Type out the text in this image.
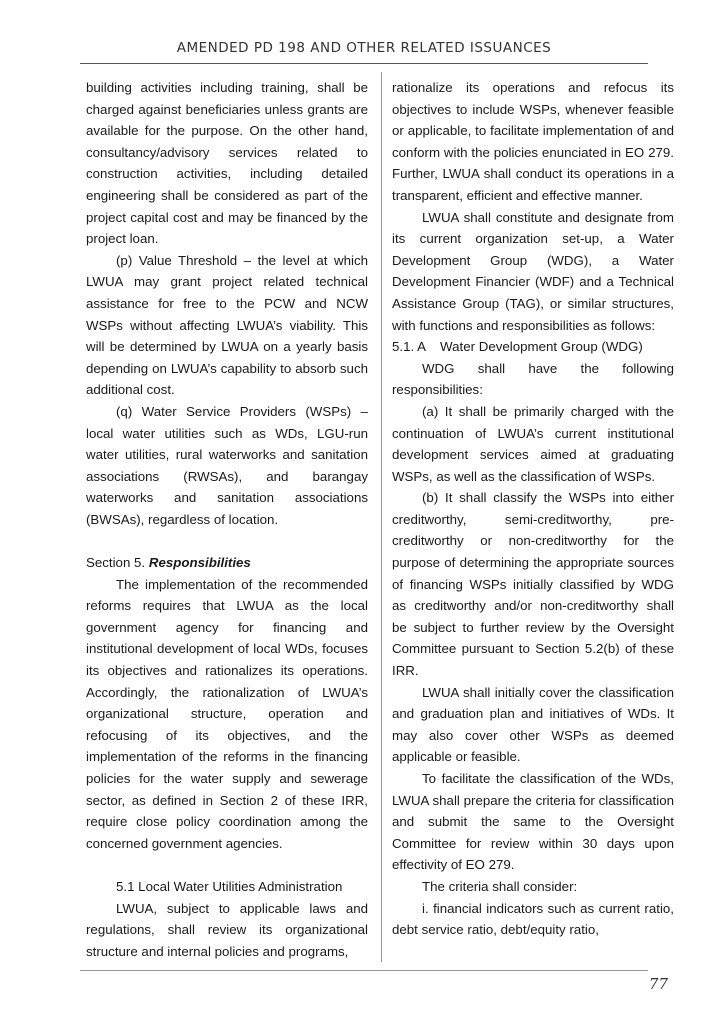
AMENDED PD 198 AND OTHER RELATED ISSUANCES

building activities including training, shall be charged against beneficiaries unless grants are available for the purpose. On the other hand, consultancy/advisory services related to construction activities, including detailed engineering shall be considered as part of the project capital cost and may be financed by the project loan.

(p) Value Threshold – the level at which LWUA may grant project related technical assistance for free to the PCW and NCW WSPs without affecting LWUA’s viability. This will be determined by LWUA on a yearly basis depending on LWUA’s capability to absorb such additional cost.

(q) Water Service Providers (WSPs) – local water utilities such as WDs, LGU-run water utilities, rural waterworks and sanitation associations (RWSAs), and barangay waterworks and sanitation associations (BWSAs), regardless of location.

Section 5. Responsibilities

The implementation of the recommended reforms requires that LWUA as the local government agency for financing and institutional development of local WDs, focuses its objectives and rationalizes its operations. Accordingly, the rationalization of LWUA’s organizational structure, operation and refocusing of its objectives, and the implementation of the reforms in the financing policies for the water supply and sewerage sector, as defined in Section 2 of these IRR, require close policy coordination among the concerned government agencies.

5.1 Local Water Utilities Administration

LWUA, subject to applicable laws and regulations, shall review its organizational structure and internal policies and programs,

rationalize its operations and refocus its objectives to include WSPs, whenever feasible or applicable, to facilitate implementation of and conform with the policies enunciated in EO 279. Further, LWUA shall conduct its operations in a transparent, efficient and effective manner.

LWUA shall constitute and designate from its current organization set-up, a Water Development Group (WDG), a Water Development Financier (WDF) and a Technical Assistance Group (TAG), or similar structures, with functions and responsibilities as follows:

5.1. A    Water Development Group (WDG)

WDG shall have the following responsibilities:

(a) It shall be primarily charged with the continuation of LWUA’s current institutional development services aimed at graduating WSPs, as well as the classification of WSPs.

(b) It shall classify the WSPs into either creditworthy, semi-creditworthy, pre-creditworthy or non-creditworthy for the purpose of determining the appropriate sources of financing WSPs initially classified by WDG as creditworthy and/or non-creditworthy shall be subject to further review by the Oversight Committee pursuant to Section 5.2(b) of these IRR.

LWUA shall initially cover the classification and graduation plan and initiatives of WDs. It may also cover other WSPs as deemed applicable or feasible.

To facilitate the classification of the WDs, LWUA shall prepare the criteria for classification and submit the same to the Oversight Committee for review within 30 days upon effectivity of EO 279.

The criteria shall consider:

i. financial indicators such as current ratio, debt service ratio, debt/equity ratio,

77
